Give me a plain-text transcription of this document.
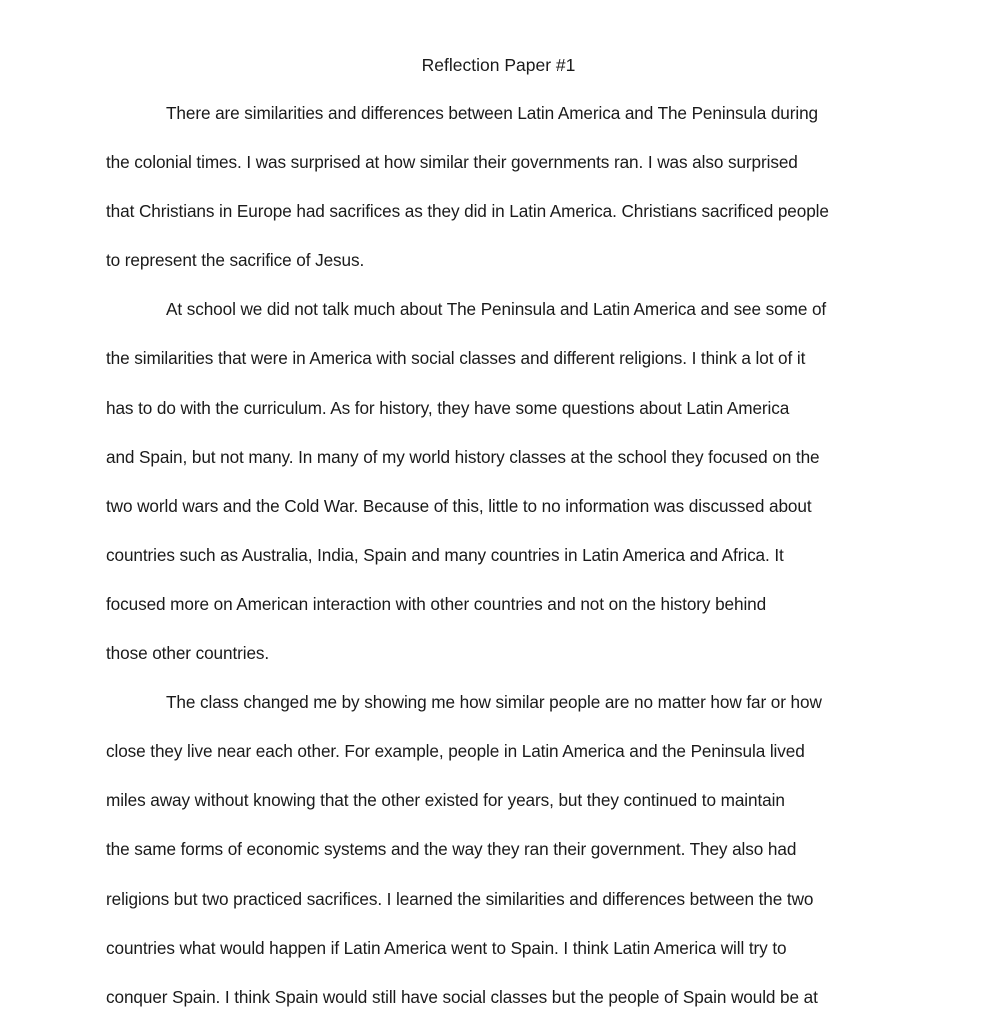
Reflection Paper #1

There are similarities and differences between Latin America and The Peninsula during
the colonial times. I was surprised at how similar their governments ran. I was also surprised
that Christians in Europe had sacrifices as they did in Latin America. Christians sacrificed people
to represent the sacrifice of Jesus.

At school we did not talk much about The Peninsula and Latin America and see some of
the similarities that were in America with social classes and different religions. I think a lot of it
has to do with the curriculum. As for history, they have some questions about Latin America
and Spain, but not many. In many of my world history classes at the school they focused on the
two world wars and the Cold War. Because of this, little to no information was discussed about
countries such as Australia, India, Spain and many countries in Latin America and Africa. It
focused more on American interaction with other countries and not on the history behind
those other countries.

The class changed me by showing me how similar people are no matter how far or how
close they live near each other. For example, people in Latin America and the Peninsula lived
miles away without knowing that the other existed for years, but they continued to maintain
the same forms of economic systems and the way they ran their government. They also had
religions but two practiced sacrifices. I learned the similarities and differences between the two
countries what would happen if Latin America went to Spain. I think Latin America will try to
conquer Spain. I think Spain would still have social classes but the people of Spain would be at
